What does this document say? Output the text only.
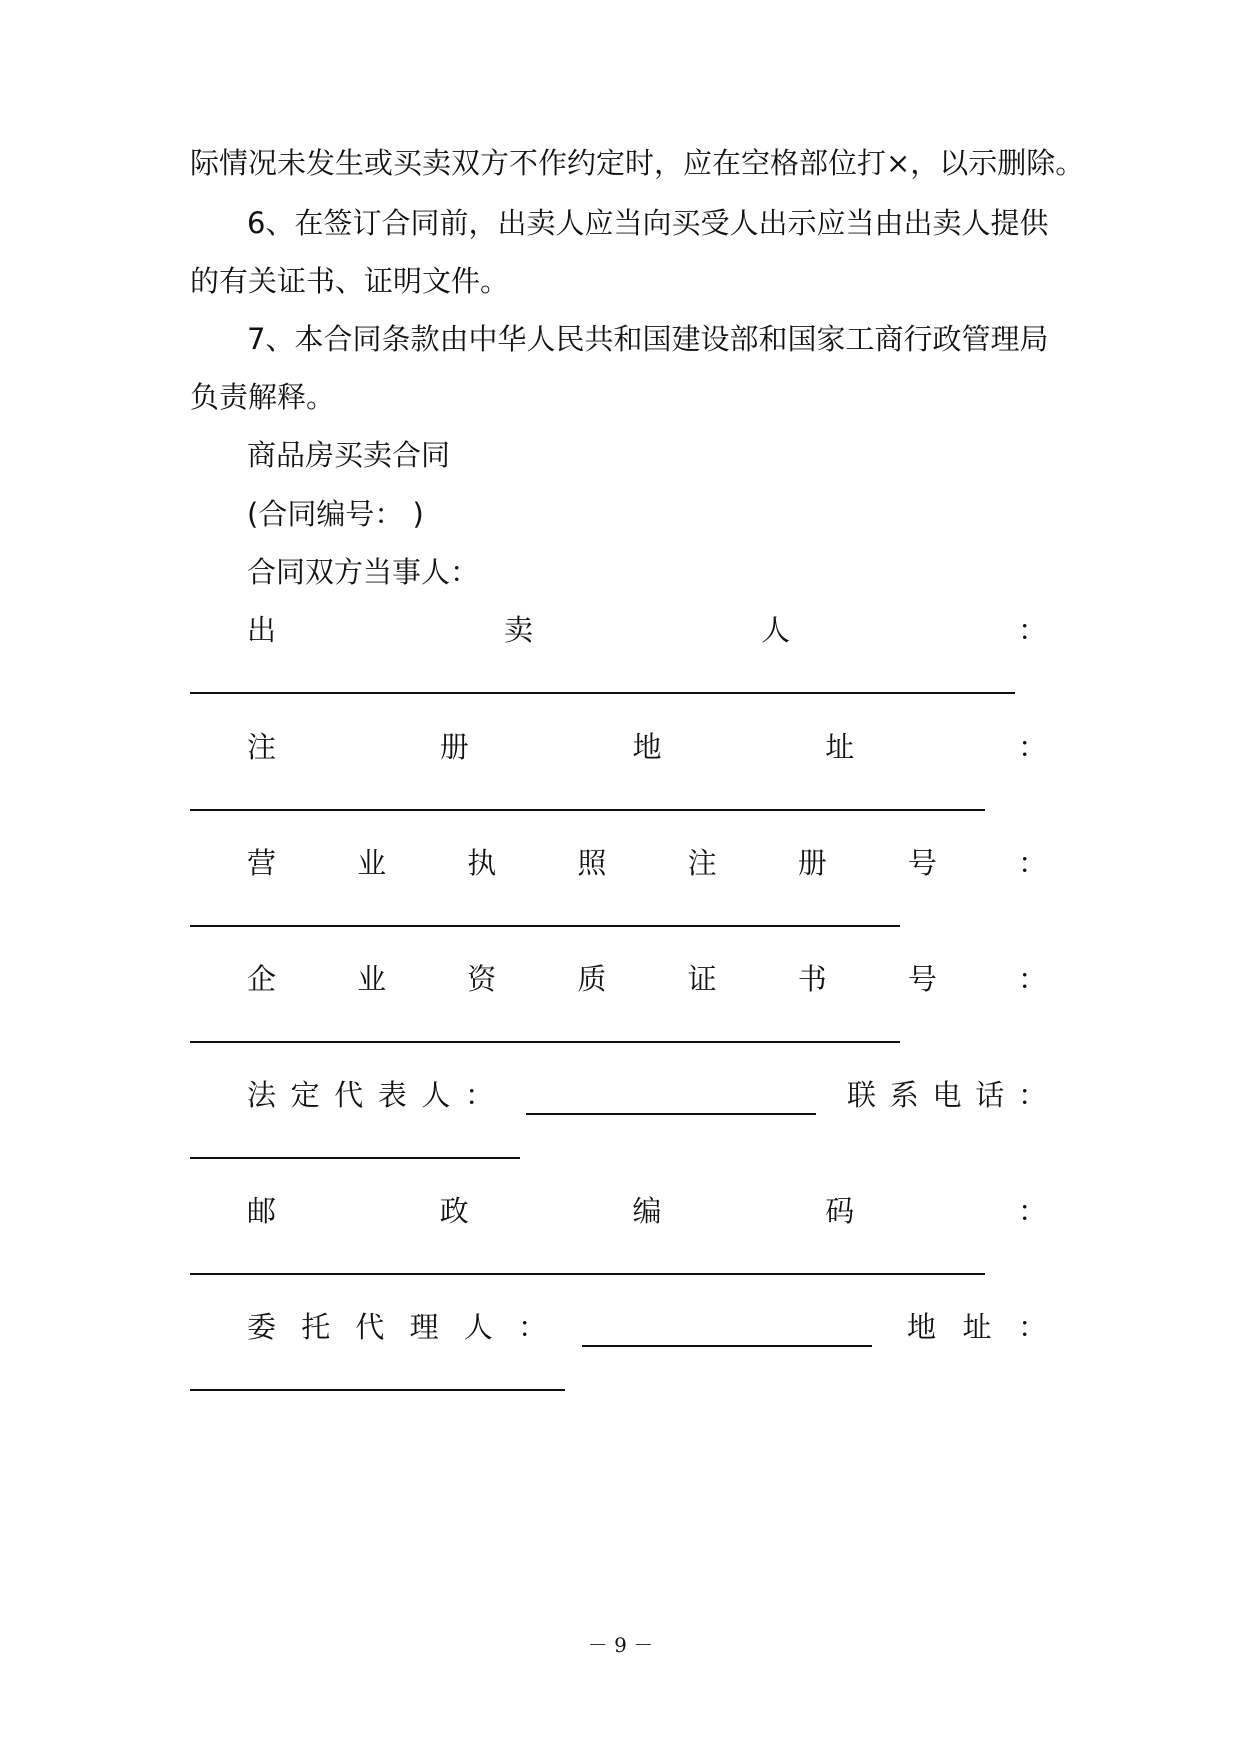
际情况未发生或买卖双方不作约定时，应在空格部位打×，以示删除。
6、在签订合同前，出卖人应当向买受人出示应当由出卖人提供
的有关证书、证明文件。
7、本合同条款由中华人民共和国建设部和国家工商行政管理局
负责解释。
商品房买卖合同
(合同编号： )
合同双方当事人：
出	卖	人	：
注	册	地	址	：
营	业	执	照	注	册	号	：
企	业	资	质	证	书	号	：
法 定 代 表 人 ：	联 系 电 话 ：
邮	政	编	码	：
委 托 代 理 人 ：	地 址 ：
－ 9 －
